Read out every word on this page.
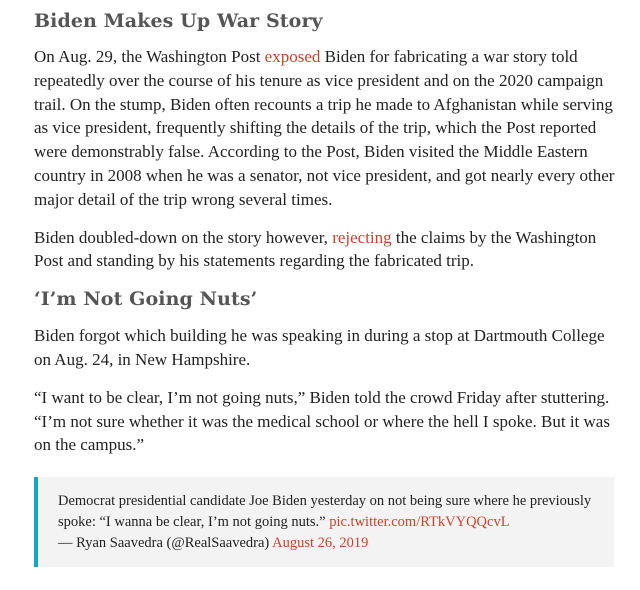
Biden Makes Up War Story

On Aug. 29, the Washington Post exposed Biden for fabricating a war story told repeatedly over the course of his tenure as vice president and on the 2020 campaign trail. On the stump, Biden often recounts a trip he made to Afghanistan while serving as vice president, frequently shifting the details of the trip, which the Post reported were demonstrably false. According to the Post, Biden visited the Middle Eastern country in 2008 when he was a senator, not vice president, and got nearly every other major detail of the trip wrong several times.

Biden doubled-down on the story however, rejecting the claims by the Washington Post and standing by his statements regarding the fabricated trip.

‘I’m Not Going Nuts’

Biden forgot which building he was speaking in during a stop at Dartmouth College on Aug. 24, in New Hampshire.

“I want to be clear, I’m not going nuts,” Biden told the crowd Friday after stuttering. “I’m not sure whether it was the medical school or where the hell I spoke. But it was on the campus.”

Democrat presidential candidate Joe Biden yesterday on not being sure where he previously spoke: “I wanna be clear, I’m not going nuts.” pic.twitter.com/RTkVYQQcvL
— Ryan Saavedra (@RealSaavedra) August 26, 2019
